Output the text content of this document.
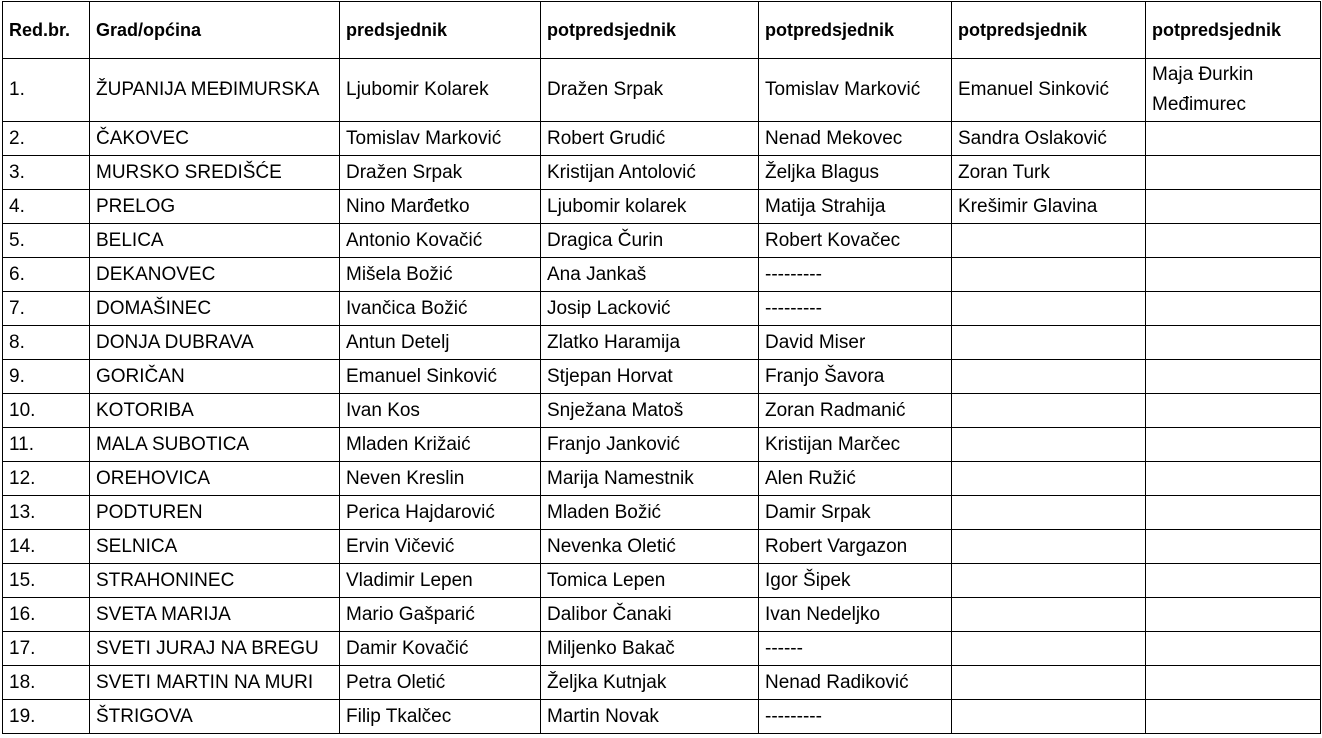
Red.br.	Grad/općina	predsjednik	potpredsjednik	potpredsjednik	potpredsjednik	potpredsjednik
1.	ŽUPANIJA MEĐIMURSKA	Ljubomir Kolarek	Dražen Srpak	Tomislav Marković	Emanuel Sinković	Maja Đurkin Međimurec
2.	ČAKOVEC	Tomislav Marković	Robert Grudić	Nenad Mekovec	Sandra Oslaković	
3.	MURSKO SREDIŠĆE	Dražen Srpak	Kristijan Antolović	Željka Blagus	Zoran Turk	
4.	PRELOG	Nino Marđetko	Ljubomir kolarek	Matija Strahija	Krešimir Glavina	
5.	BELICA	Antonio Kovačić	Dragica Čurin	Robert Kovačec		
6.	DEKANOVEC	Mišela Božić	Ana Jankaš	---------		
7.	DOMAŠINEC	Ivančica Božić	Josip Lacković	---------		
8.	DONJA DUBRAVA	Antun Detelj	Zlatko Haramija	David Miser		
9.	GORIČAN	Emanuel Sinković	Stjepan Horvat	Franjo Šavora		
10.	KOTORIBA	Ivan Kos	Snježana Matoš	Zoran Radmanić		
11.	MALA SUBOTICA	Mladen Križaić	Franjo Janković	Kristijan Marčec		
12.	OREHOVICA	Neven Kreslin	Marija Namestnik	Alen Ružić		
13.	PODTUREN	Perica Hajdarović	Mladen Božić	Damir Srpak		
14.	SELNICA	Ervin Vičević	Nevenka Oletić	Robert Vargazon		
15.	STRAHONINEC	Vladimir Lepen	Tomica Lepen	Igor Šipek		
16.	SVETA MARIJA	Mario Gašparić	Dalibor Čanaki	Ivan Nedeljko		
17.	SVETI JURAJ NA BREGU	Damir Kovačić	Miljenko Bakač	------		
18.	SVETI MARTIN NA MURI	Petra Oletić	Željka Kutnjak	Nenad Radiković		
19.	ŠTRIGOVA	Filip Tkalčec	Martin Novak	---------		
